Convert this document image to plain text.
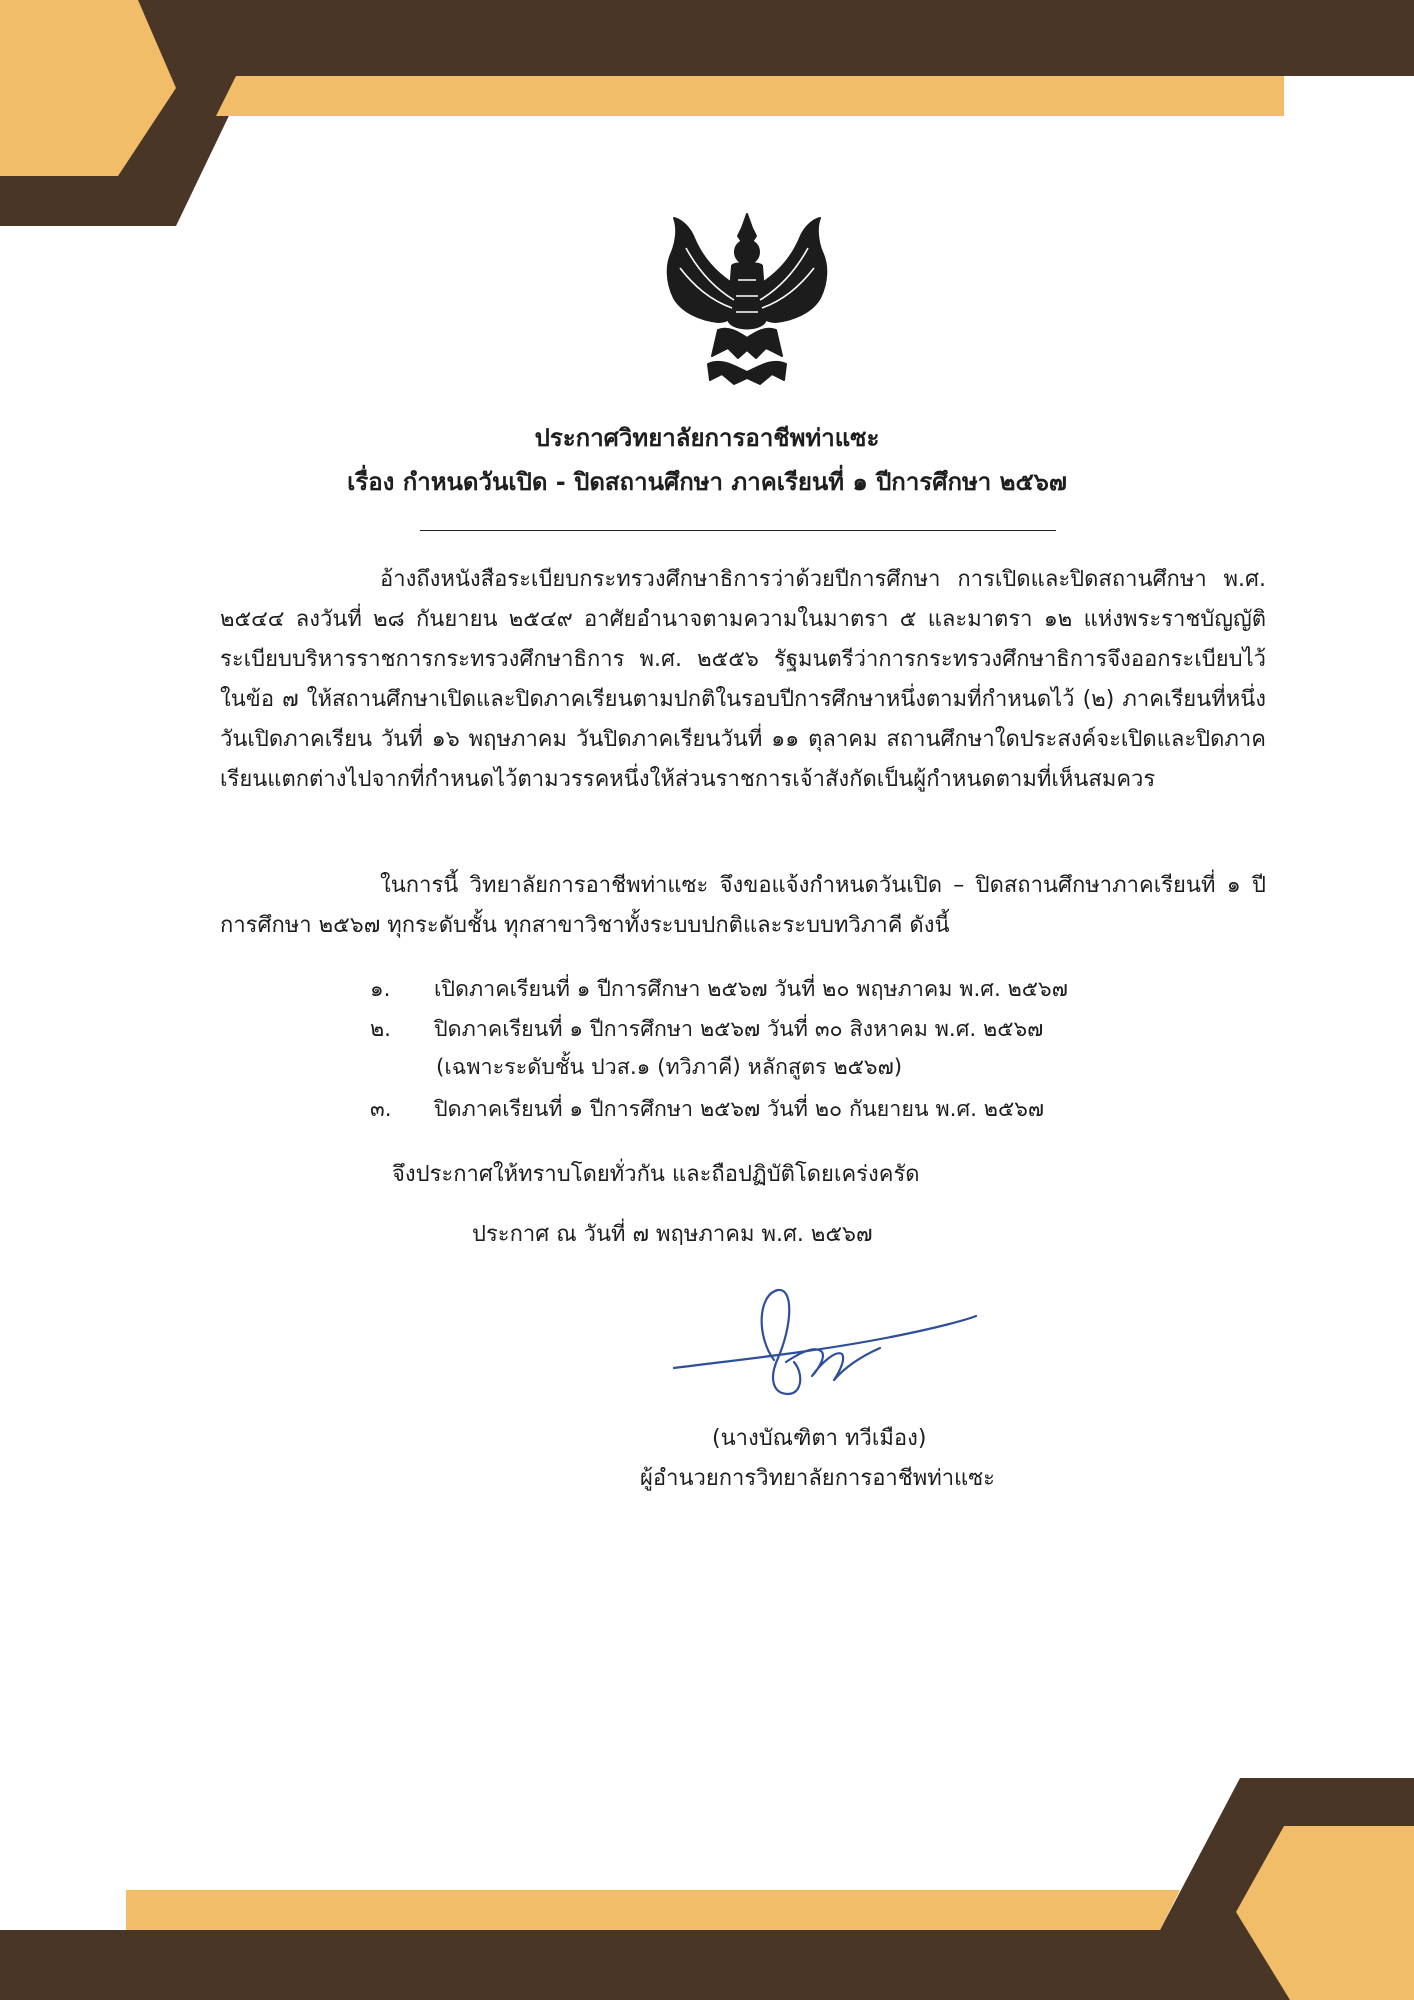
ประกาศวิทยาลัยการอาชีพท่าแซะ
เรื่อง กำหนดวันเปิด - ปิดสถานศึกษา ภาคเรียนที่ ๑ ปีการศึกษา ๒๕๖๗
อ้างถึงหนังสือระเบียบกระทรวงศึกษาธิการว่าด้วยปีการศึกษา การเปิดและปิดสถานศึกษา พ.ศ. ๒๕๔๔ ลงวันที่ ๒๘ กันยายน ๒๕๔๙ อาศัยอำนาจตามความในมาตรา ๕ และมาตรา ๑๒ แห่งพระราชบัญญัติระเบียบบริหารราชการกระทรวงศึกษาธิการ พ.ศ. ๒๕๕๖ รัฐมนตรีว่าการกระทรวงศึกษาธิการจึงออกระเบียบไว้ในข้อ ๗ ให้สถานศึกษาเปิดและปิดภาคเรียนตามปกติในรอบปีการศึกษาหนึ่งตามที่กำหนดไว้ (๒) ภาคเรียนที่หนึ่งวันเปิดภาคเรียน วันที่ ๑๖ พฤษภาคม วันปิดภาคเรียนวันที่ ๑๑ ตุลาคม สถานศึกษาใดประสงค์จะเปิดและปิดภาคเรียนแตกต่างไปจากที่กำหนดไว้ตามวรรคหนึ่งให้ส่วนราชการเจ้าสังกัดเป็นผู้กำหนดตามที่เห็นสมควร
ในการนี้ วิทยาลัยการอาชีพท่าแซะ จึงขอแจ้งกำหนดวันเปิด – ปิดสถานศึกษาภาคเรียนที่ ๑ ปีการศึกษา ๒๕๖๗ ทุกระดับชั้น ทุกสาขาวิชาทั้งระบบปกติและระบบทวิภาคี ดังนี้
๑. เปิดภาคเรียนที่ ๑ ปีการศึกษา ๒๕๖๗ วันที่ ๒๐ พฤษภาคม พ.ศ. ๒๕๖๗
๒. ปิดภาคเรียนที่ ๑ ปีการศึกษา ๒๕๖๗ วันที่ ๓๐ สิงหาคม พ.ศ. ๒๕๖๗
(เฉพาะระดับชั้น ปวส.๑ (ทวิภาคี) หลักสูตร ๒๕๖๗)
๓. ปิดภาคเรียนที่ ๑ ปีการศึกษา ๒๕๖๗ วันที่ ๒๐ กันยายน พ.ศ. ๒๕๖๗
จึงประกาศให้ทราบโดยทั่วกัน และถือปฏิบัติโดยเคร่งครัด
ประกาศ ณ วันที่ ๗ พฤษภาคม พ.ศ. ๒๕๖๗
(นางบัณฑิตา ทวีเมือง)
ผู้อำนวยการวิทยาลัยการอาชีพท่าแซะ
